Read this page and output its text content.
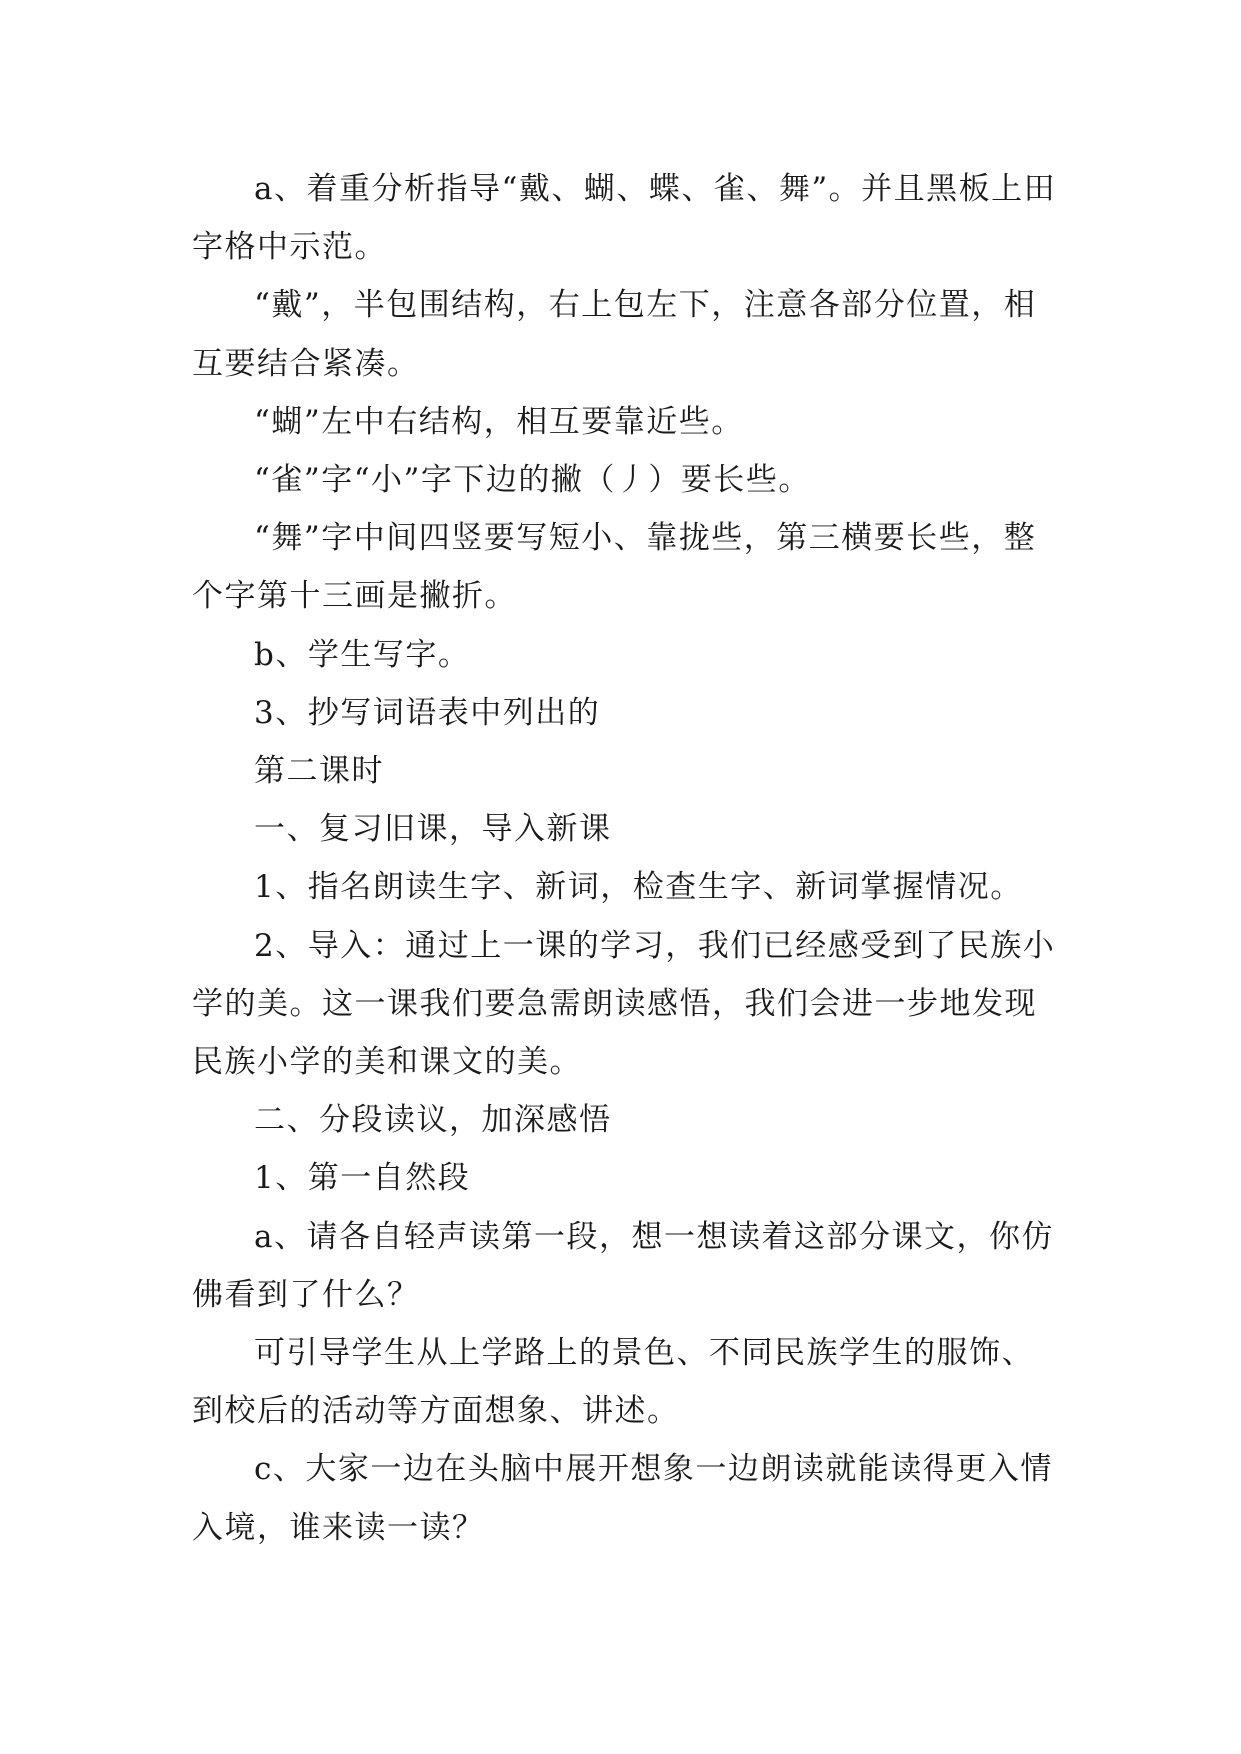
a、着重分析指导“戴、蝴、蝶、雀、舞”。并且黑板上田字格中示范。

“戴”，半包围结构，右上包左下，注意各部分位置，相互要结合紧凑。

“蝴”左中右结构，相互要靠近些。

“雀”字“小”字下边的撇（丿）要长些。

“舞”字中间四竖要写短小、靠拢些，第三横要长些，整个字第十三画是撇折。

b、学生写字。

3、抄写词语表中列出的

第二课时

一、复习旧课，导入新课

1、指名朗读生字、新词，检查生字、新词掌握情况。

2、导入：通过上一课的学习，我们已经感受到了民族小学的美。这一课我们要急需朗读感悟，我们会进一步地发现民族小学的美和课文的美。

二、分段读议，加深感悟

1、第一自然段

a、请各自轻声读第一段，想一想读着这部分课文，你仿佛看到了什么？

可引导学生从上学路上的景色、不同民族学生的服饰、到校后的活动等方面想象、讲述。

c、大家一边在头脑中展开想象一边朗读就能读得更入情入境，谁来读一读？
